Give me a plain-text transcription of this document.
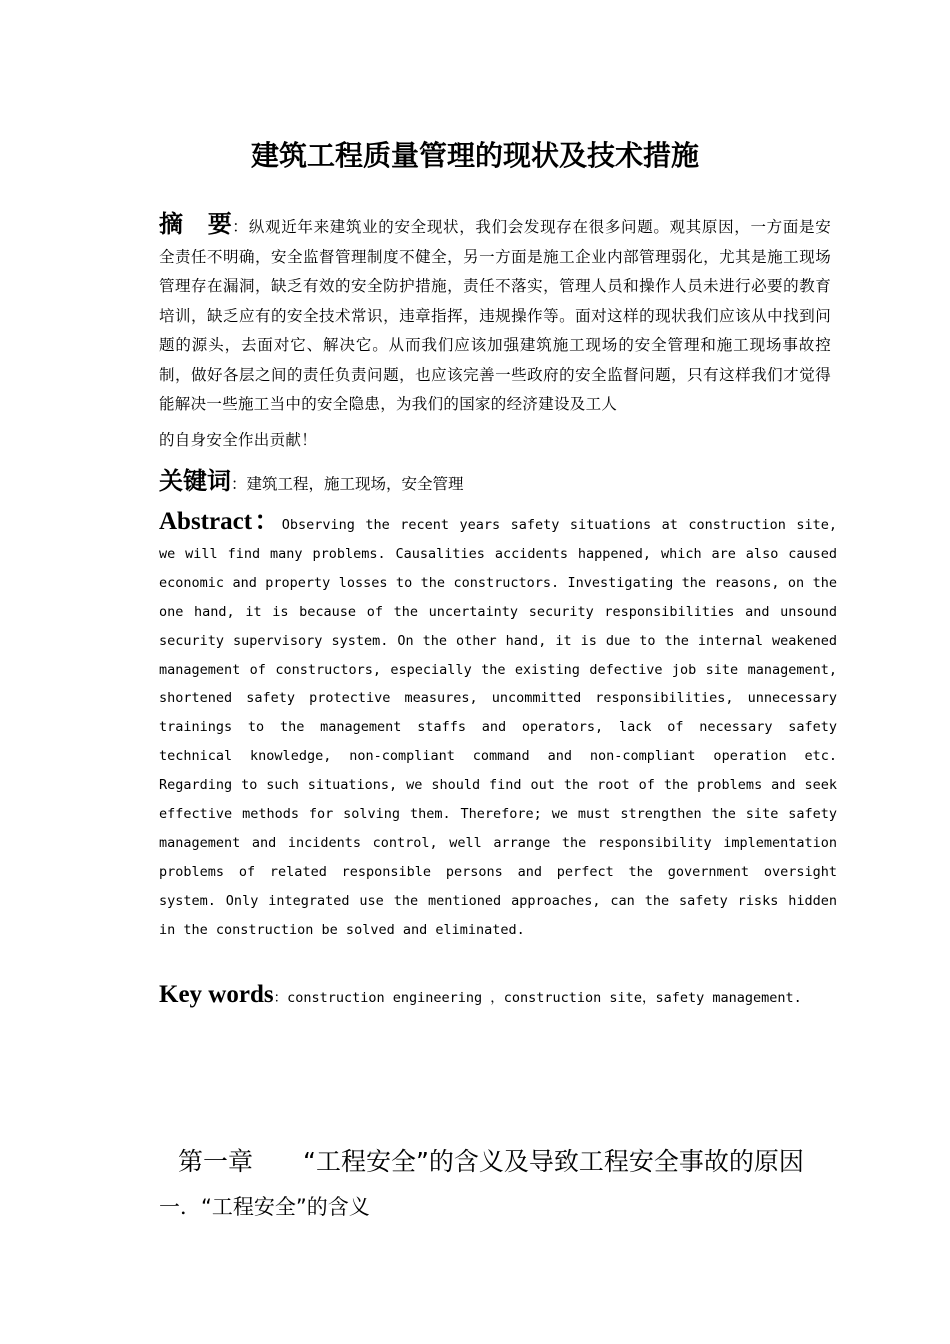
建筑工程质量管理的现状及技术措施
摘　要：纵观近年来建筑业的安全现状，我们会发现存在很多问题。观其原因，一方面是安全责任不明确，安全监督管理制度不健全，另一方面是施工企业内部管理弱化，尤其是施工现场管理存在漏洞，缺乏有效的安全防护措施，责任不落实，管理人员和操作人员未进行必要的教育培训，缺乏应有的安全技术常识，违章指挥，违规操作等。面对这样的现状我们应该从中找到问题的源头，去面对它、解决它。从而我们应该加强建筑施工现场的安全管理和施工现场事故控制，做好各层之间的责任负责问题，也应该完善一些政府的安全监督问题，只有这样我们才觉得能解决一些施工当中的安全隐患，为我们的国家的经济建设及工人
的自身安全作出贡献！
关键词：建筑工程，施工现场，安全管理
Abstract：Observing the recent years safety situations at construction site, we will find many problems. Causalities accidents happened, which are also caused economic and property losses to the constructors. Investigating the reasons, on the one hand, it is because of the uncertainty security responsibilities and unsound security supervisory system. On the other hand, it is due to the internal weakened management of constructors, especially the existing defective job site management, shortened safety protective measures, uncommitted responsibilities, unnecessary trainings to the management staffs and operators, lack of necessary safety technical knowledge, non-compliant command and non-compliant operation etc. Regarding to such situations, we should find out the root of the problems and seek effective methods for solving them. Therefore; we must strengthen the site safety management and incidents control, well arrange the responsibility implementation problems of related responsible persons and perfect the government oversight system. Only integrated use the mentioned approaches, can the safety risks hidden in the construction be solved and eliminated.
Key words：construction engineering ，construction site，safety management.
第一章　　“工程安全”的含义及导致工程安全事故的原因
一．“工程安全”的含义
